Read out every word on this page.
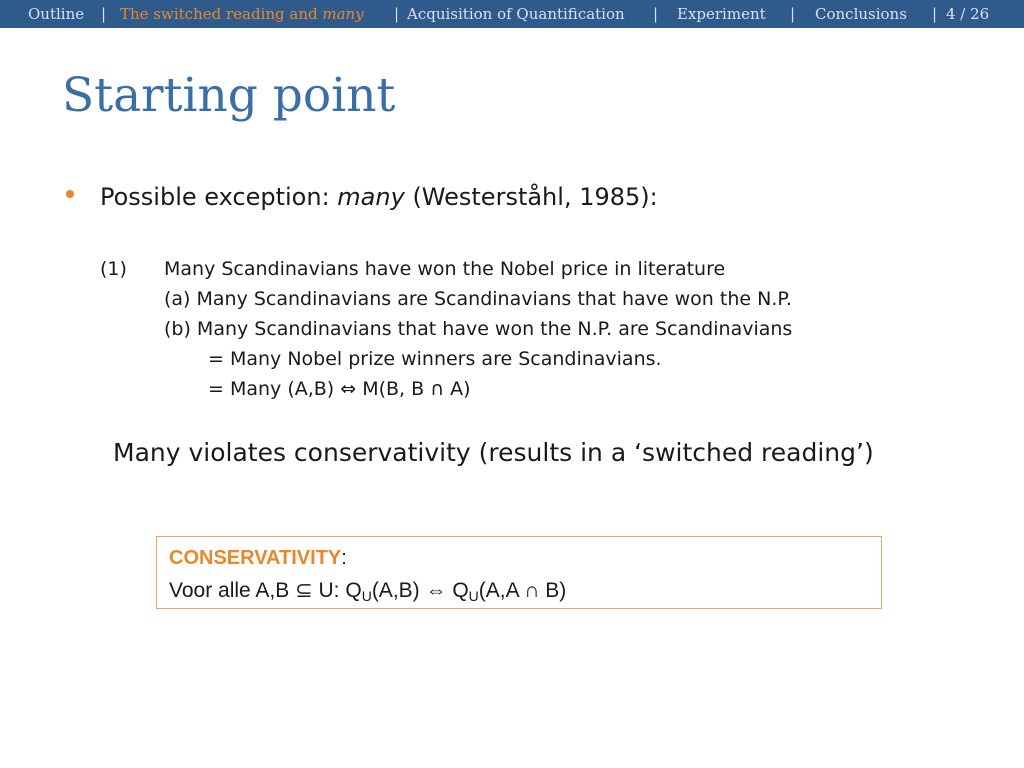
Outline | The switched reading and many | Acquisition of Quantification | Experiment | Conclusions | 4 / 26
Starting point
Possible exception: many (Westerståhl, 1985):
(1) Many Scandinavians have won the Nobel price in literature
(a) Many Scandinavians are Scandinavians that have won the N.P.
(b) Many Scandinavians that have won the N.P. are Scandinavians
= Many Nobel prize winners are Scandinavians.
= Many (A,B) ⇔ M(B, B ∩ A)
Many violates conservativity (results in a ‘switched reading’)
CONSERVATIVITY:
Voor alle A,B ⊆ U: $Q_U(A,B)$ ⇔ $Q_U(A,A$ ∩ B)
